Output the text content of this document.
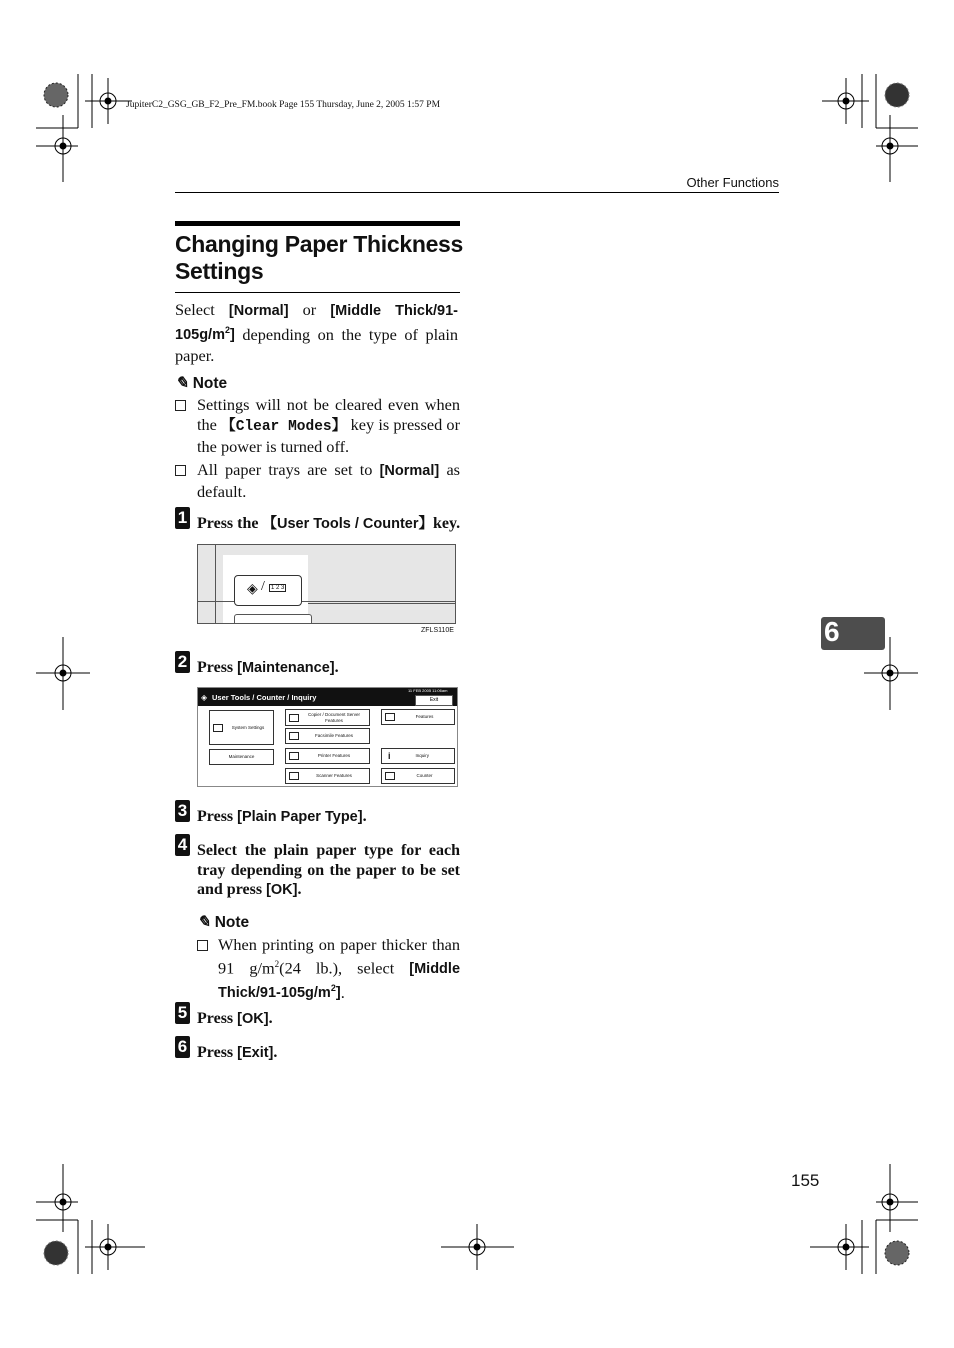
JupiterC2_GSG_GB_F2_Pre_FM.book Page 155 Thursday, June 2, 2005 1:57 PM
Other Functions
Changing Paper Thickness
Settings
Select [Normal] or [Middle Thick/$91-105g/m^2$] depending on the type of plain paper.
✎ Note
Settings will not be cleared even when the 【Clear Modes】 key is pressed or the power is turned off.
All paper trays are set to [Normal] as default.
1 Press the 【User Tools / Counter】key.
◈ /	1 2 3
ZFLS110E
2 Press [Maintenance].
◈ User Tools / Counter / Inquiry
11 FEB 2005 11:06am
Exit
System Settings
Maintenance
Copier / Document Server Features
Facsimile Features
Printer Features
Scanner Features
Features
i	Inquiry
Counter
3 Press [Plain Paper Type].
4 Select the plain paper type for each tray depending on the paper to be set and press [OK].
✎ Note
When printing on paper thicker than 91 $g/m^2(24$ lb.), select [Middle Thick/$91-105g/m^2$].
5 Press [OK].
6 Press [Exit].
6
155
